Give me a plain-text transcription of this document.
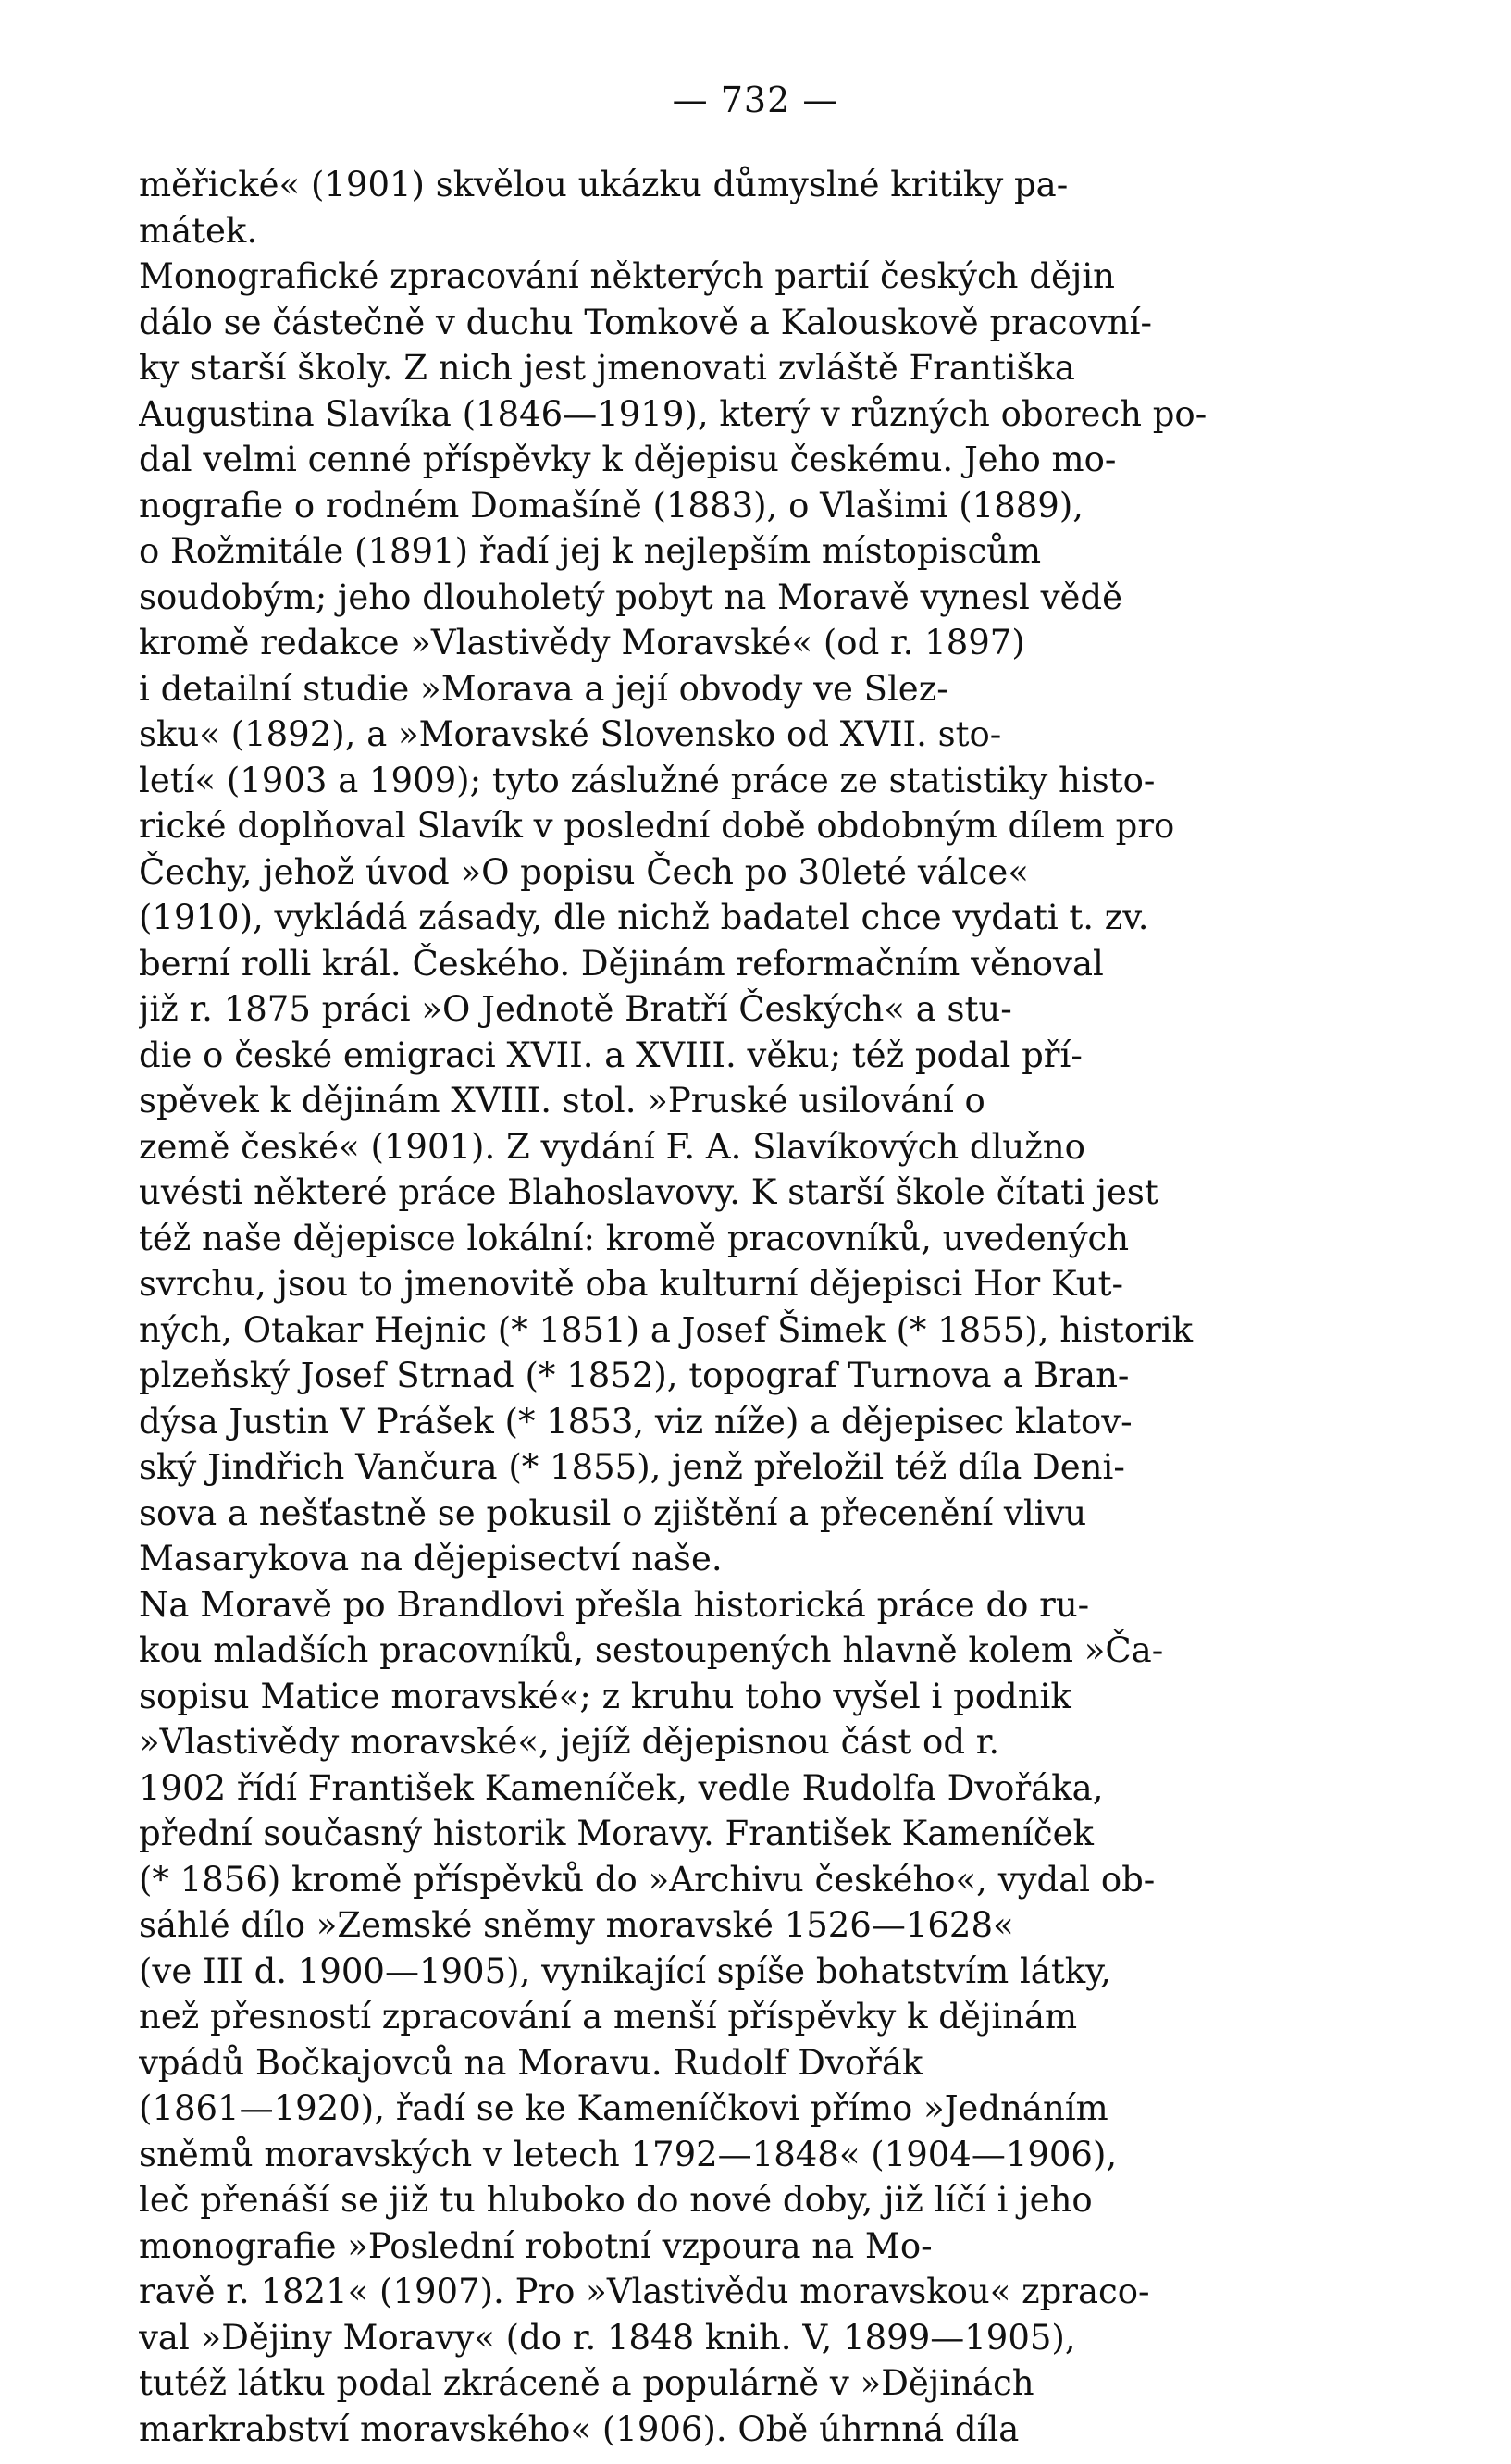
— 732 —
měřické« (1901) skvělou ukázku důmyslné kritiky pa-
mátek.
Monografické zpracování některých partií českých dějin
dálo se částečně v duchu Tomkově a Kalouskově pracovní-
ky starší školy. Z nich jest jmenovati zvláště Františka
Augustina Slavíka (1846—1919), který v různých oborech po-
dal velmi cenné příspěvky k dějepisu českému. Jeho mo-
nografie o rodném Domašíně (1883), o Vlašimi (1889),
o Rožmitále (1891) řadí jej k nejlepším místopiscům
soudobým; jeho dlouholetý pobyt na Moravě vynesl vědě
kromě redakce »Vlastivědy Moravské« (od r. 1897)
i detailní studie »Morava a její obvody ve Slez-
sku« (1892), a »Moravské Slovensko od XVII. sto-
letí« (1903 a 1909); tyto záslužné práce ze statistiky histo-
rické doplňoval Slavík v poslední době obdobným dílem pro
Čechy, jehož úvod »O popisu Čech po 30leté válce«
(1910), vykládá zásady, dle nichž badatel chce vydati t. zv.
berní rolli král. Českého. Dějinám reformačním věnoval
již r. 1875 práci »O Jednotě Bratří Českých« a stu-
die o české emigraci XVII. a XVIII. věku; též podal pří-
spěvek k dějinám XVIII. stol. »Pruské usilování o
země české« (1901). Z vydání F. A. Slavíkových dlužno
uvésti některé práce Blahoslavovy. K starší škole čítati jest
též naše dějepisce lokální: kromě pracovníků, uvedených
svrchu, jsou to jmenovitě oba kulturní dějepisci Hor Kut-
ných, Otakar Hejnic (* 1851) a Josef Šimek (* 1855), historik
plzeňský Josef Strnad (* 1852), topograf Turnova a Bran-
dýsa Justin V Prášek (* 1853, viz níže) a dějepisec klatov-
ský Jindřich Vančura (* 1855), jenž přeložil též díla Deni-
sova a nešťastně se pokusil o zjištění a přecenění vlivu
Masarykova na dějepisectví naše.
Na Moravě po Brandlovi přešla historická práce do ru-
kou mladších pracovníků, sestoupených hlavně kolem »Ča-
sopisu Matice moravské«; z kruhu toho vyšel i podnik
»Vlastivědy moravské«, jejíž dějepisnou část od r.
1902 řídí František Kameníček, vedle Rudolfa Dvořáka,
přední současný historik Moravy. František Kameníček
(* 1856) kromě příspěvků do »Archivu českého«, vydal ob-
sáhlé dílo »Zemské sněmy moravské 1526—1628«
(ve III d. 1900—1905), vynikající spíše bohatstvím látky,
než přesností zpracování a menší příspěvky k dějinám
vpádů Bočkajovců na Moravu. Rudolf Dvořák
(1861—1920), řadí se ke Kameníčkovi přímo »Jednáním
sněmů moravských v letech 1792—1848« (1904—1906),
leč přenáší se již tu hluboko do nové doby, již líčí i jeho
monografie »Poslední robotní vzpoura na Mo-
ravě r. 1821« (1907). Pro »Vlastivědu moravskou« zpraco-
val »Dějiny Moravy« (do r. 1848 knih. V, 1899—1905),
tutéž látku podal zkráceně a populárně v »Dějinách
markrabství moravského« (1906). Obě úhrnná díla
